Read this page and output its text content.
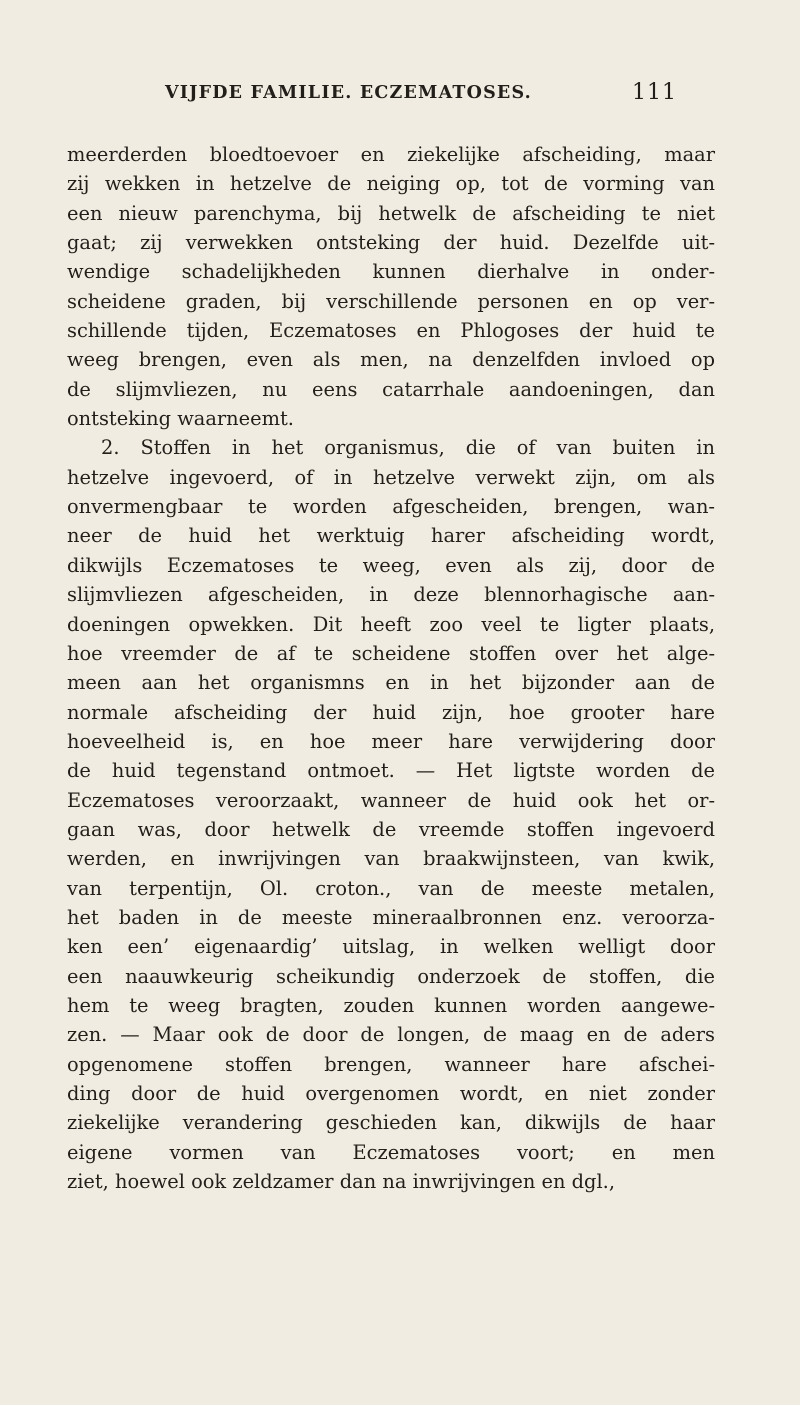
VIJFDE FAMILIE. ECZEMATOSES.	111
meerderden bloedtoevoer en ziekelijke afscheiding, maar
zij wekken in hetzelve de neiging op, tot de vorming van
een nieuw parenchyma, bij hetwelk de afscheiding te niet
gaat; zij verwekken ontsteking der huid. Dezelfde uit-
wendige schadelijkheden kunnen dierhalve in onder-
scheidene graden, bij verschillende personen en op ver-
schillende tijden, Eczematoses en Phlogoses der huid te
weeg brengen, even als men, na denzelfden invloed op
de slijmvliezen, nu eens catarrhale aandoeningen, dan
ontsteking waarneemt.
2. Stoffen in het organismus, die of van buiten in
hetzelve ingevoerd, of in hetzelve verwekt zijn, om als
onvermengbaar te worden afgescheiden, brengen, wan-
neer de huid het werktuig harer afscheiding wordt,
dikwijls Eczematoses te weeg, even als zij, door de
slijmvliezen afgescheiden, in deze blennorhagische aan-
doeningen opwekken. Dit heeft zoo veel te ligter plaats,
hoe vreemder de af te scheidene stoffen over het alge-
meen aan het organismns en in het bijzonder aan de
normale afscheiding der huid zijn, hoe grooter hare
hoeveelheid is, en hoe meer hare verwijdering door
de huid tegenstand ontmoet. — Het ligtste worden de
Eczematoses veroorzaakt, wanneer de huid ook het or-
gaan was, door hetwelk de vreemde stoffen ingevoerd
werden, en inwrijvingen van braakwijnsteen, van kwik,
van terpentijn, Ol. croton., van de meeste metalen,
het baden in de meeste mineraalbronnen enz. veroorza-
ken een’ eigenaardig’ uitslag, in welken welligt door
een naauwkeurig scheikundig onderzoek de stoffen, die
hem te weeg bragten, zouden kunnen worden aangewe-
zen. — Maar ook de door de longen, de maag en de aders
opgenomene stoffen brengen, wanneer hare afschei-
ding door de huid overgenomen wordt, en niet zonder
ziekelijke verandering geschieden kan, dikwijls de haar
eigene vormen van Eczematoses voort; en men
ziet, hoewel ook zeldzamer dan na inwrijvingen en dgl.,
